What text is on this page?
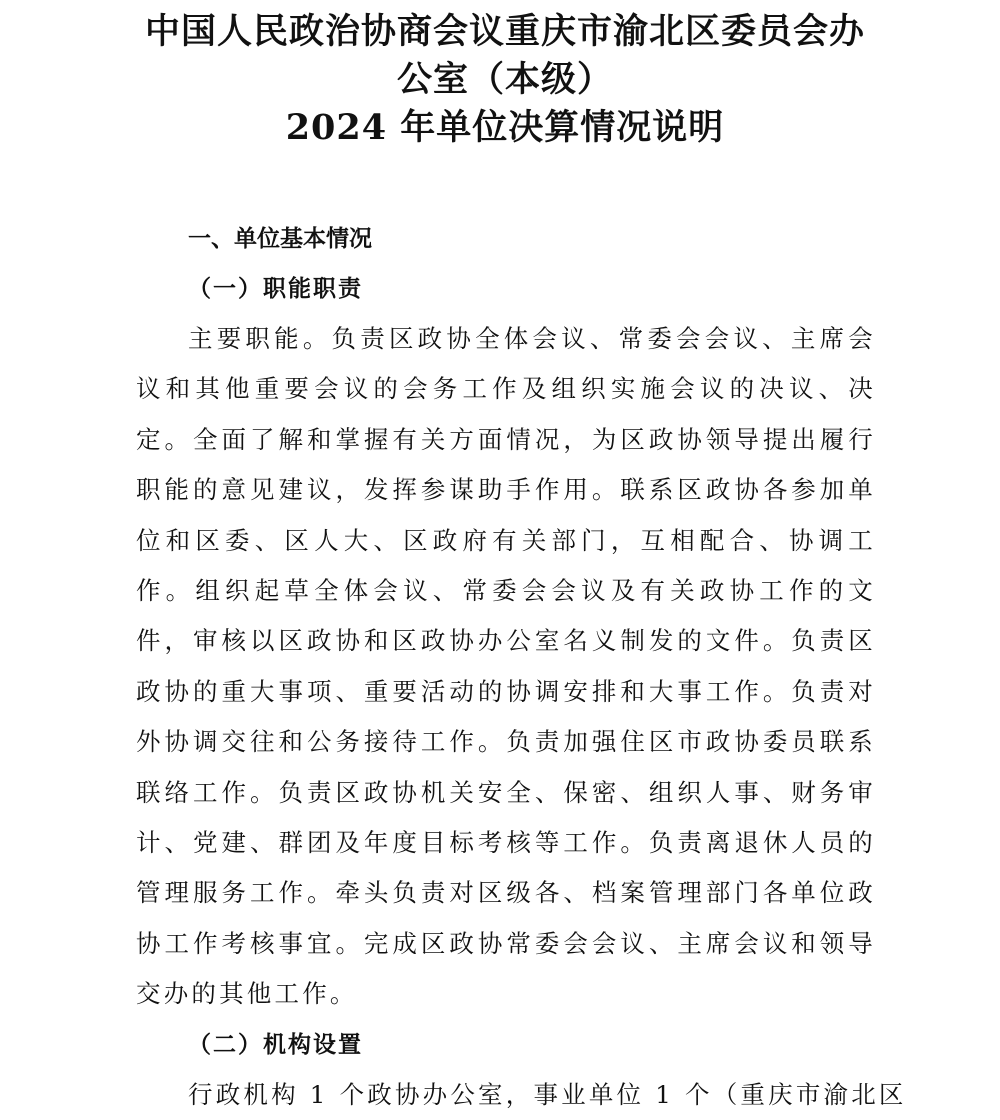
中国人民政治协商会议重庆市渝北区委员会办
公室（本级）
2024 年单位决算情况说明
一、单位基本情况
（一）职能职责
主要职能。负责区政协全体会议、常委会会议、主席会议和其他重要会议的会务工作及组织实施会议的决议、决定。全面了解和掌握有关方面情况，为区政协领导提出履行职能的意见建议，发挥参谋助手作用。联系区政协各参加单位和区委、区人大、区政府有关部门，互相配合、协调工作。组织起草全体会议、常委会会议及有关政协工作的文件，审核以区政协和区政协办公室名义制发的文件。负责区政协的重大事项、重要活动的协调安排和大事工作。负责对外协调交往和公务接待工作。负责加强住区市政协委员联系联络工作。负责区政协机关安全、保密、组织人事、财务审计、党建、群团及年度目标考核等工作。负责离退休人员的管理服务工作。牵头负责对区级各、档案管理部门各单位政协工作考核事宜。完成区政协常委会会议、主席会议和领导交办的其他工作。
（二）机构设置
行政机构 1 个政协办公室，事业单位 1 个（重庆市渝北区
